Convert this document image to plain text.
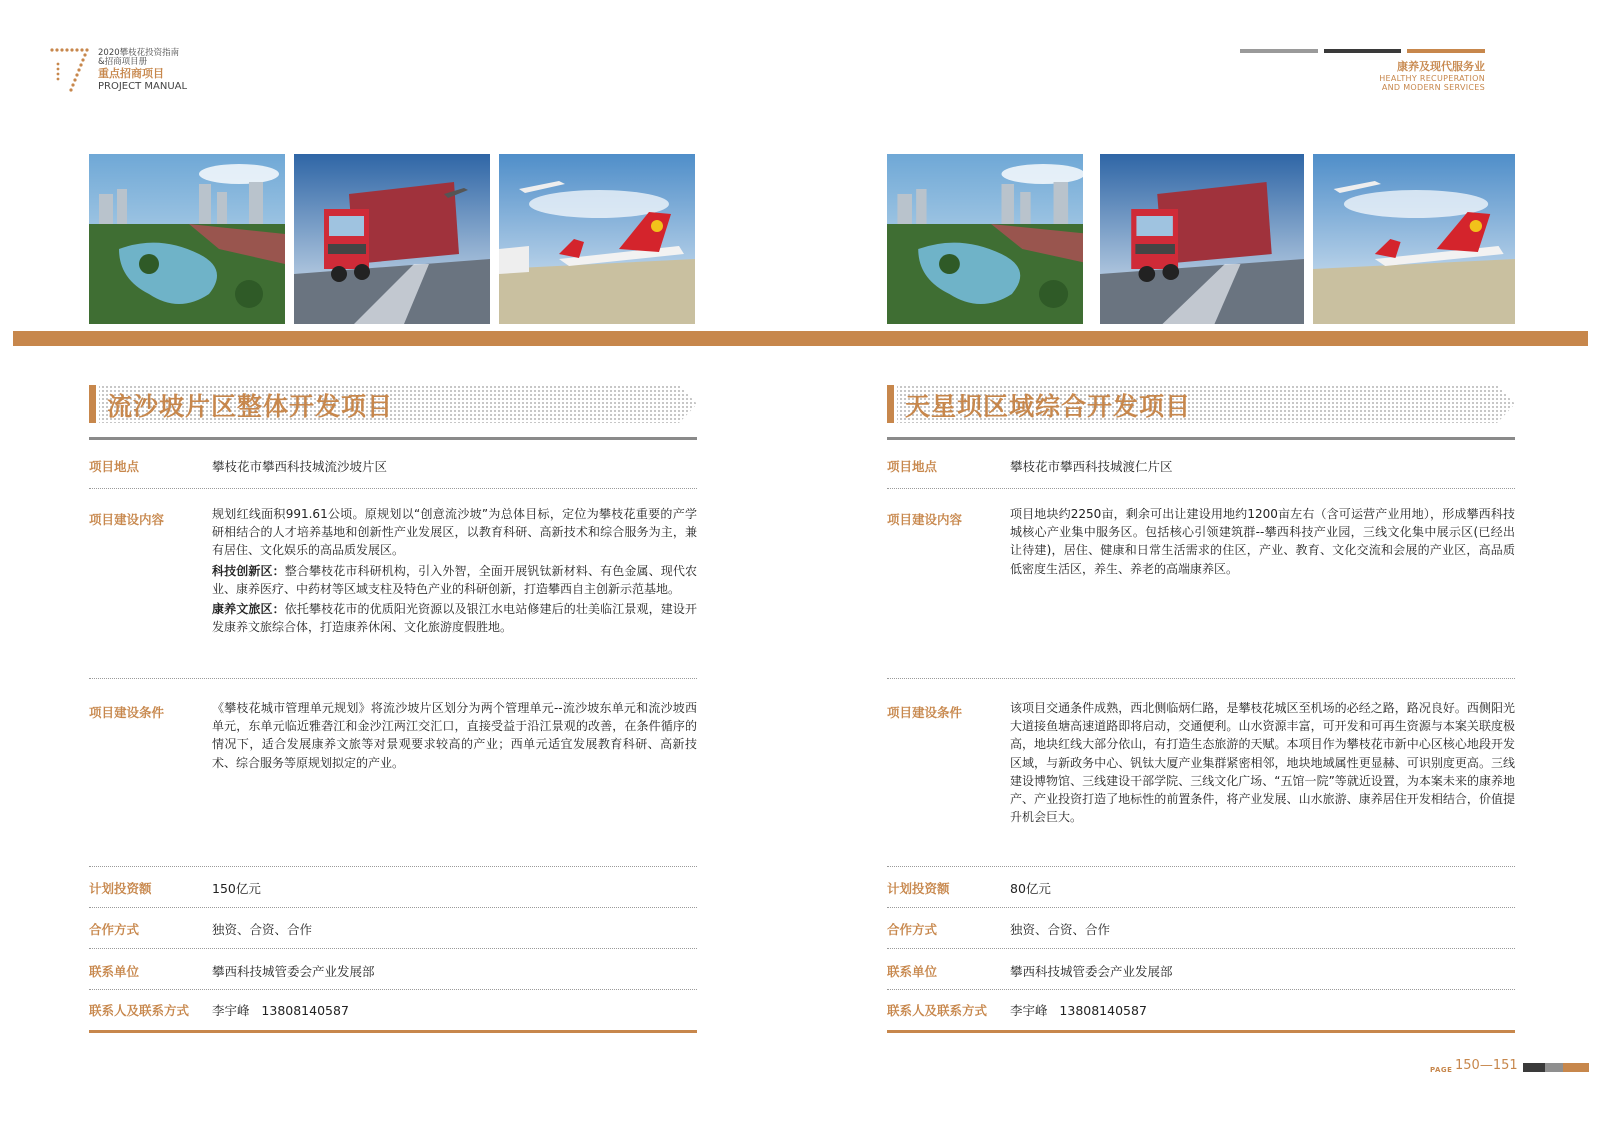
2020攀枝花投资指南
&招商项目册
重点招商项目
PROJECT MANUAL
康养及现代服务业
HEALTHY RECUPERATION
AND MODERN SERVICES
流沙坡片区整体开发项目
项目地点	攀枝花市攀西科技城流沙坡片区
项目建设内容	规划红线面积991.61公顷。原规划以“创意流沙坡”为总体目标，定位为攀枝花重要的产学研相结合的人才培养基地和创新性产业发展区，以教育科研、高新技术和综合服务为主，兼有居住、文化娱乐的高品质发展区。
科技创新区：整合攀枝花市科研机构，引入外智，全面开展钒钛新材料、有色金属、现代农业、康养医疗、中药材等区域支柱及特色产业的科研创新，打造攀西自主创新示范基地。
康养文旅区：依托攀枝花市的优质阳光资源以及银江水电站修建后的壮美临江景观，建设开发康养文旅综合体，打造康养休闲、文化旅游度假胜地。
项目建设条件	《攀枝花城市管理单元规划》将流沙坡片区划分为两个管理单元--流沙坡东单元和流沙坡西单元，东单元临近雅砻江和金沙江两江交汇口，直接受益于沿江景观的改善，在条件循序的情况下，适合发展康养文旅等对景观要求较高的产业；西单元适宜发展教育科研、高新技术、综合服务等原规划拟定的产业。
计划投资额	150亿元
合作方式	独资、合资、合作
联系单位	攀西科技城管委会产业发展部
联系人及联系方式 李宇峰   13808140587
天星坝区域综合开发项目
项目地点	攀枝花市攀西科技城渡仁片区
项目建设内容	项目地块约2250亩，剩余可出让建设用地约1200亩左右（含可运营产业用地），形成攀西科技城核心产业集中服务区。包括核心引领建筑群--攀西科技产业园，三线文化集中展示区(已经出让待建)，居住、健康和日常生活需求的住区，产业、教育、文化交流和会展的产业区，高品质低密度生活区，养生、养老的高端康养区。
项目建设条件	该项目交通条件成熟，西北侧临炳仁路，是攀枝花城区至机场的必经之路，路况良好。西侧阳光大道接鱼塘高速道路即将启动，交通便利。山水资源丰富，可开发和可再生资源与本案关联度极高，地块红线大部分依山，有打造生态旅游的天赋。本项目作为攀枝花市新中心区核心地段开发区域，与新政务中心、钒钛大厦产业集群紧密相邻，地块地域属性更显赫、可识别度更高。三线建设博物馆、三线建设干部学院、三线文化广场、“五馆一院”等就近设置，为本案未来的康养地产、产业投资打造了地标性的前置条件，将产业发展、山水旅游、康养居住开发相结合，价值提升机会巨大。
计划投资额	80亿元
合作方式	独资、合资、合作
联系单位	攀西科技城管委会产业发展部
联系人及联系方式 李宇峰   13808140587
PAGE 150—151
